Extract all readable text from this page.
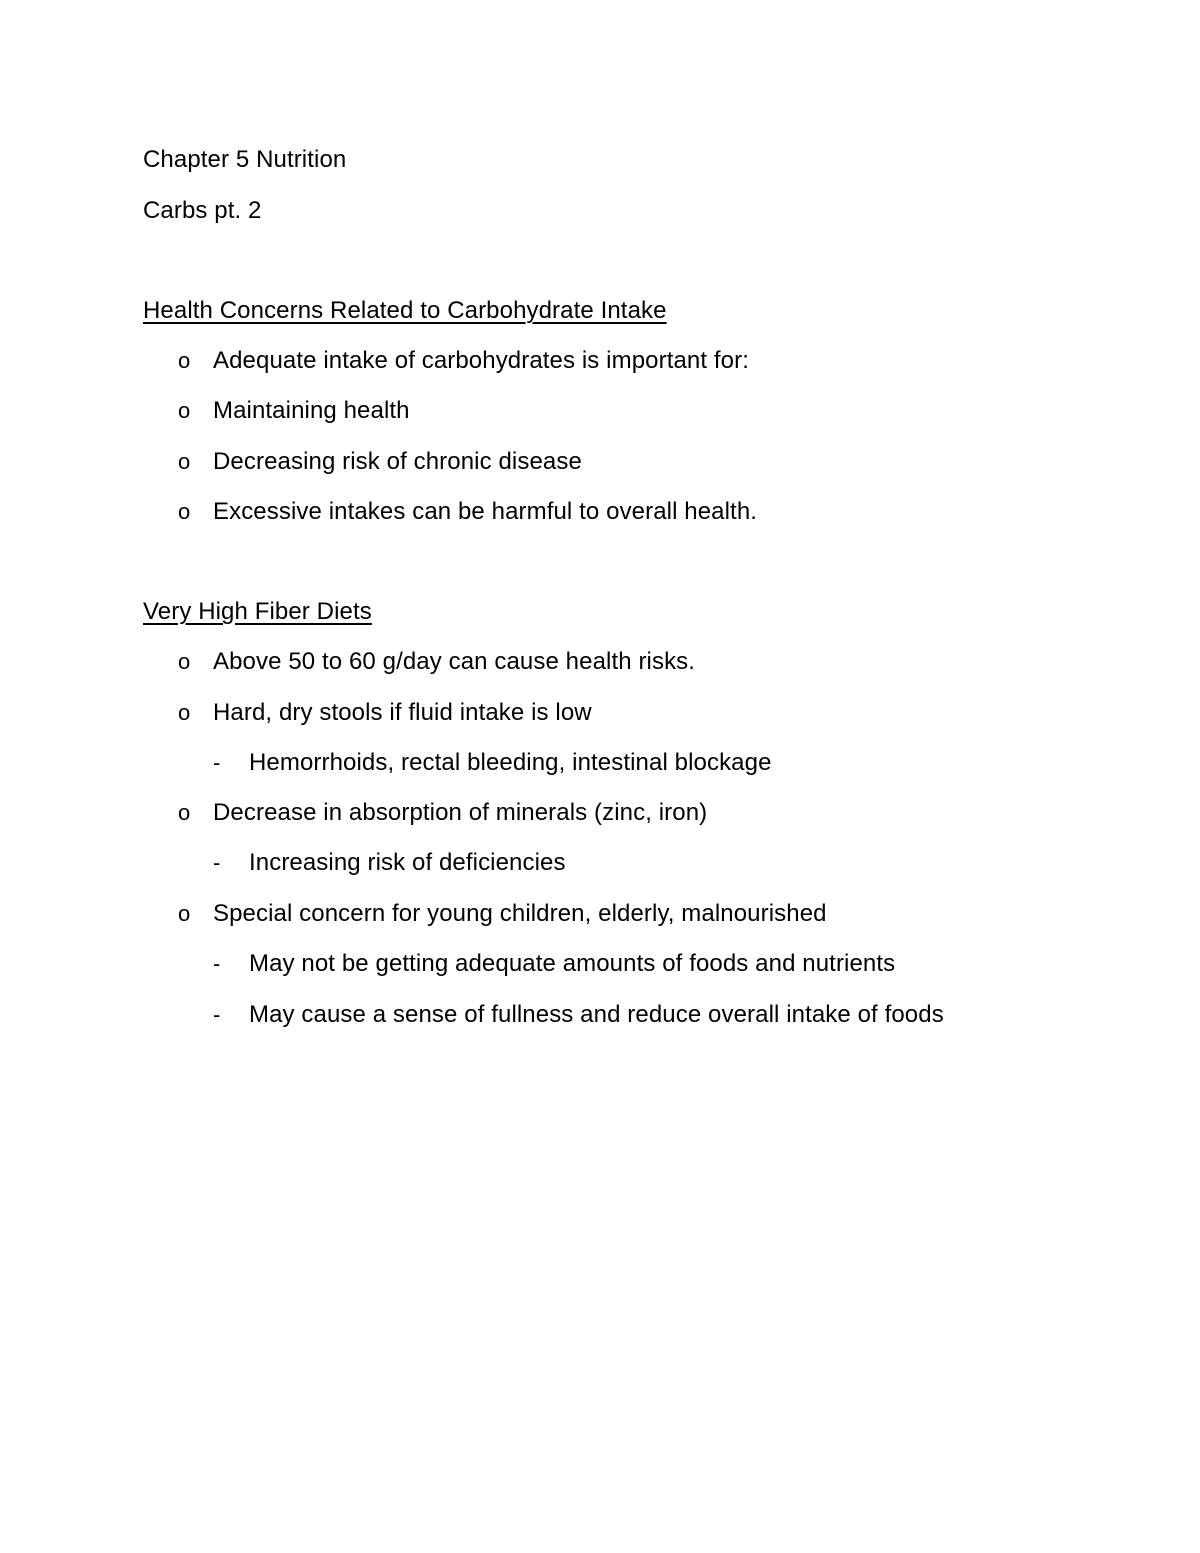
Chapter 5 Nutrition
Carbs pt. 2
Health Concerns Related to Carbohydrate Intake
o Adequate intake of carbohydrates is important for:
o Maintaining health
o Decreasing risk of chronic disease
o Excessive intakes can be harmful to overall health.
Very High Fiber Diets
o Above 50 to 60 g/day can cause health risks.
o Hard, dry stools if fluid intake is low
- Hemorrhoids, rectal bleeding, intestinal blockage
o Decrease in absorption of minerals (zinc, iron)
- Increasing risk of deficiencies
o Special concern for young children, elderly, malnourished
- May not be getting adequate amounts of foods and nutrients
- May cause a sense of fullness and reduce overall intake of foods
